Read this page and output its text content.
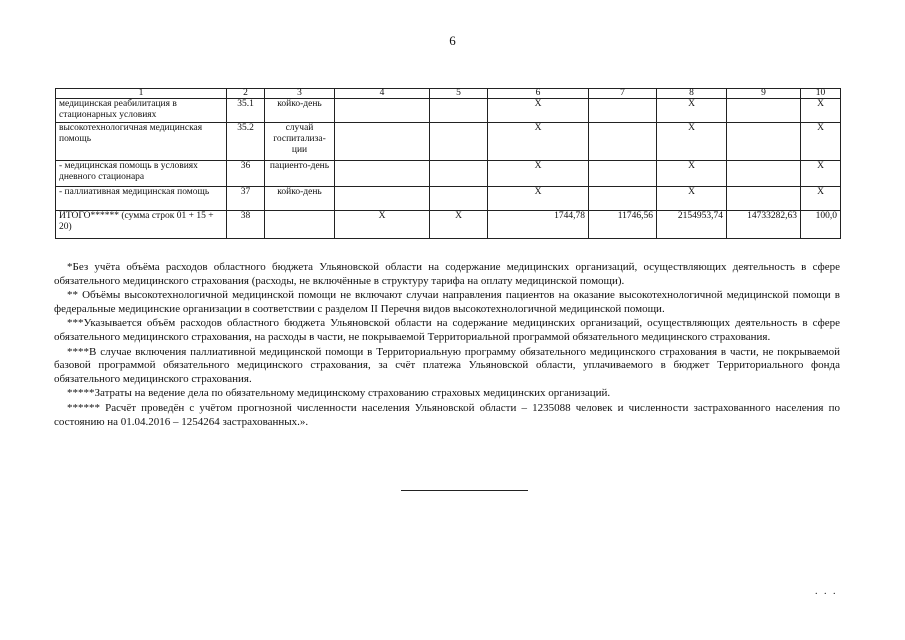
6
1	2	3	4	5	6	7	8	9	10
медицинская реабилитация в стационарных условиях	35.1	койко-день			X		X		X
высокотехнологичная медицинская помощь	35.2	случай госпитализа-ции			X		X		X
- медицинская помощь в условиях дневного стационара	36	пациенто-день			X		X		X
- паллиативная медицинская помощь	37	койко-день			X		X		X
ИТОГО****** (сумма строк 01 + 15 + 20)	38		X	X	1744,78	11746,56	2154953,74	14733282,63	100,0

*Без учёта объёма расходов областного бюджета Ульяновской области на содержание медицинских организаций, осуществляющих деятельность в сфере обязательного медицинского страхования (расходы, не включённые в структуру тарифа на оплату медицинской помощи).

** Объёмы высокотехнологичной медицинской помощи не включают случаи направления пациентов на оказание высокотехнологичной медицинской помощи в федеральные медицинские организации в соответствии с разделом II Перечня видов высокотехнологичной медицинской помощи.

***Указывается объём расходов областного бюджета Ульяновской области на содержание медицинских организаций, осуществляющих деятельность в сфере обязательного медицинского страхования, на расходы в части, не покрываемой Территориальной программой обязательного медицинского страхования.

****В случае включения паллиативной медицинской помощи в Территориальную программу обязательного медицинского страхования в части, не покрываемой базовой программой обязательного медицинского страхования, за счёт платежа Ульяновской области, уплачиваемого в бюджет Территориального фонда обязательного медицинского страхования.

*****Затраты на ведение дела по обязательному медицинскому страхованию страховых медицинских организаций.

****** Расчёт проведён с учётом прогнозной численности населения Ульяновской области – 1235088 человек и численности застрахованного населения по состоянию на 01.04.2016 – 1254264 застрахованных.».

. . .
